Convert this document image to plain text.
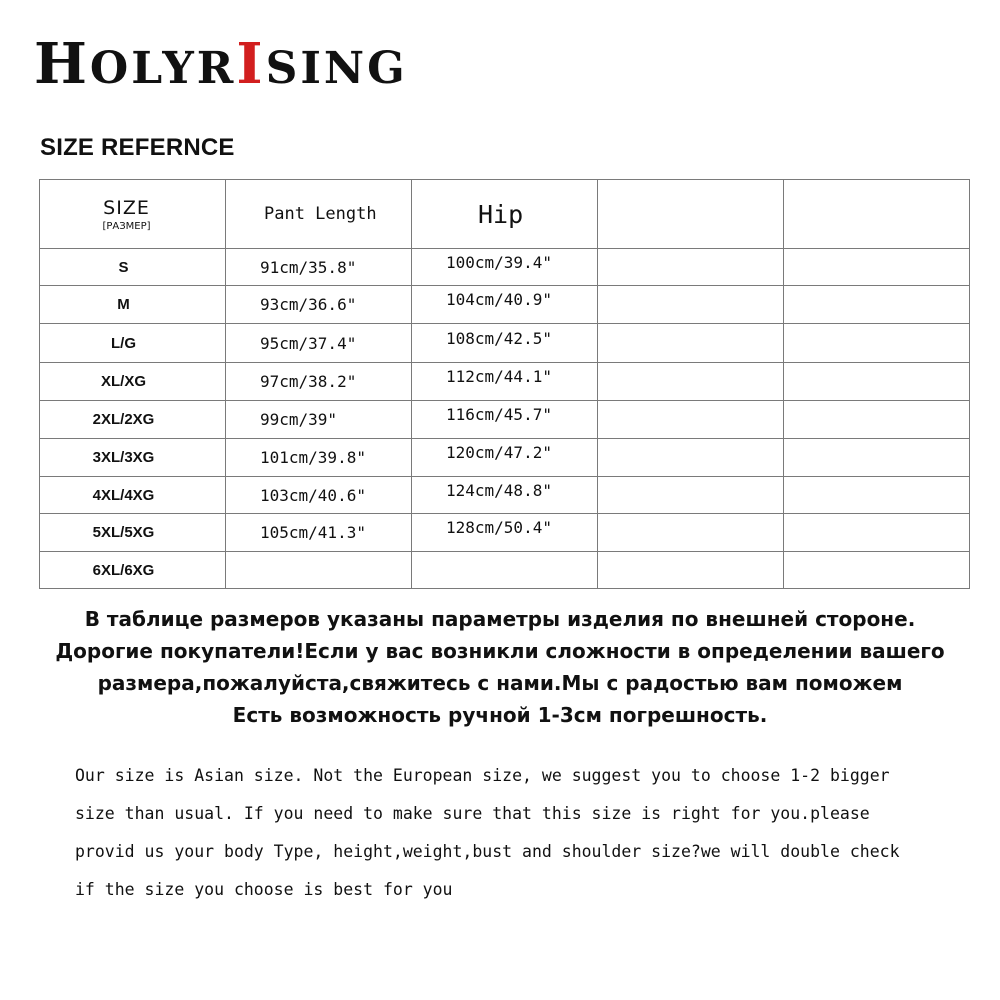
HOLYRISING
SIZE REFERNCE
SIZE
[РАЗМЕР]	Pant Length	Hip		
S	91cm/35.8"	100cm/39.4"		
M	93cm/36.6"	104cm/40.9"		
L/G	95cm/37.4"	108cm/42.5"		
XL/XG	97cm/38.2"	112cm/44.1"		
2XL/2XG	99cm/39"	116cm/45.7"		
3XL/3XG	101cm/39.8"	120cm/47.2"		
4XL/4XG	103cm/40.6"	124cm/48.8"		
5XL/5XG	105cm/41.3"	128cm/50.4"		
6XL/6XG				
В таблице размеров указаны параметры изделия по внешней стороне.
Дорогие покупатели!Если у вас возникли сложности в определении вашего
размера,пожалуйста,свяжитесь с нами.Мы с радостью вам поможем
Есть возможность ручной 1-3см погрешность.
Our size is Asian size. Not the European size, we suggest you to choose 1-2 bigger
size than usual. If you need to make sure that this size is right for you.please
provid us your body Type, height,weight,bust and shoulder size?we will double check
if the size you choose is best for you
